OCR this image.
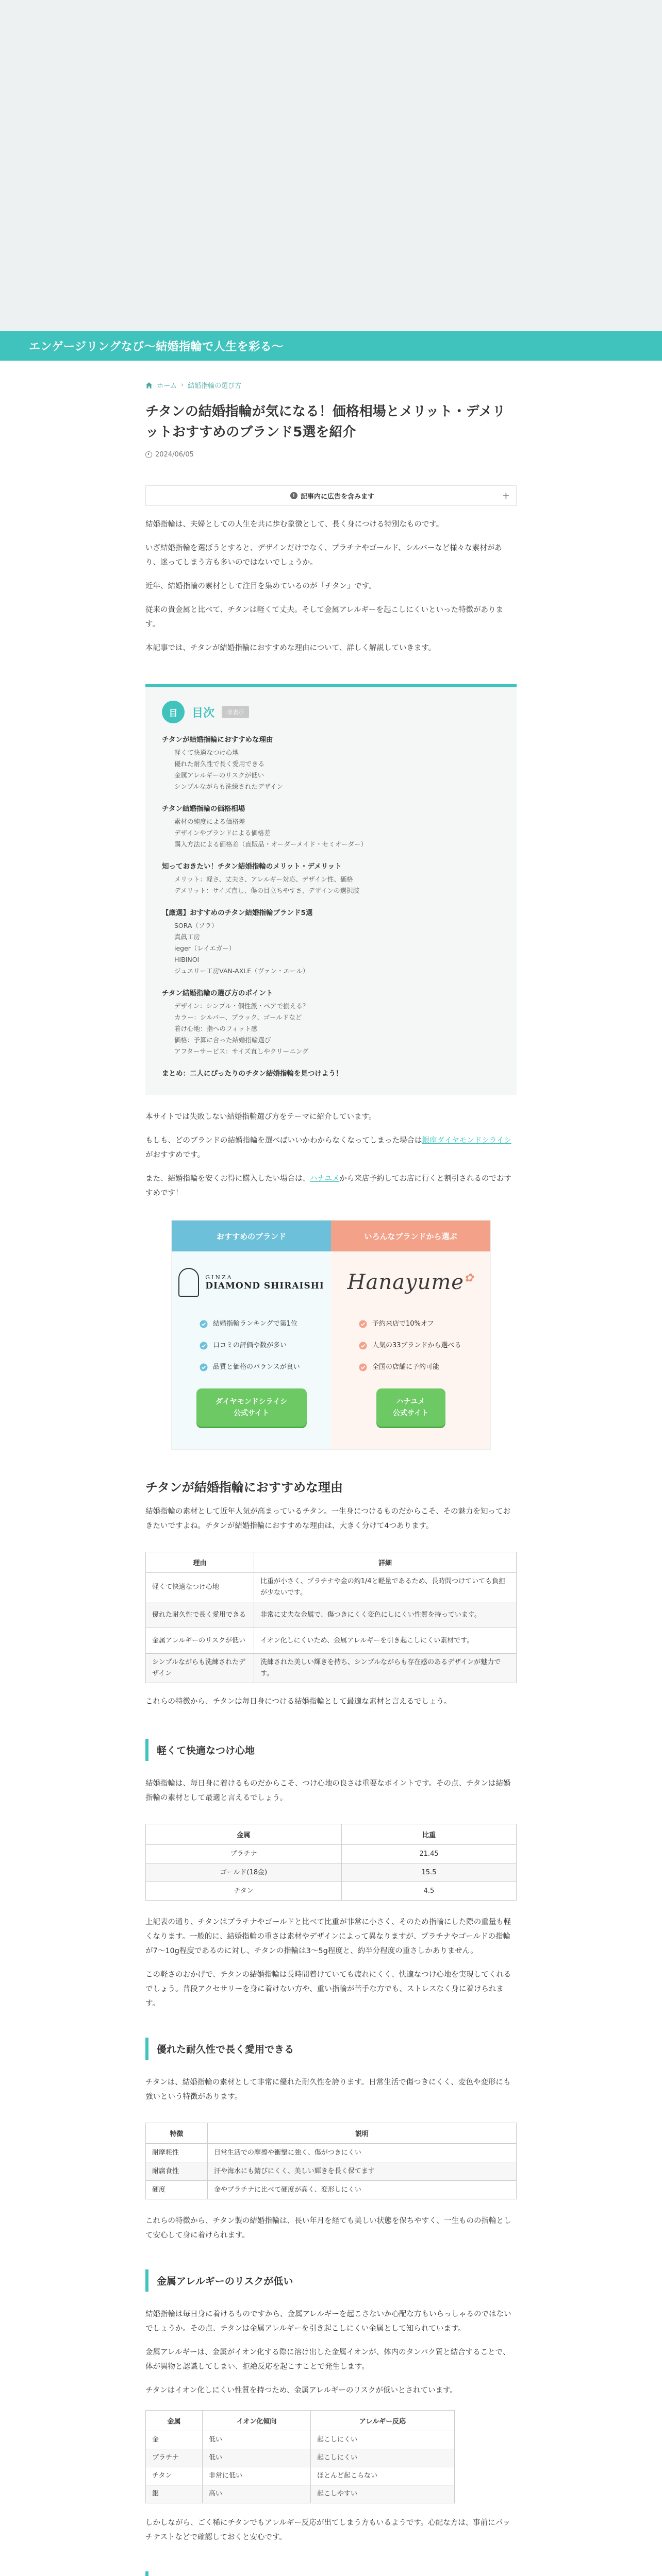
エンゲージリングなび〜結婚指輪で人生を彩る〜
ホーム › 結婚指輪の選び方
チタンの結婚指輪が気になる！価格相場とメリット・デメリットおすすめのブランド5選を紹介
2024/06/05
! 記事内に広告を含みます	+

結婚指輪は、夫婦としての人生を共に歩む象徴として、長く身につける特別なものです。

いざ結婚指輪を選ぼうとすると、デザインだけでなく、プラチナやゴールド、シルバーなど様々な素材があり、迷ってしまう方も多いのではないでしょうか。

近年、結婚指輪の素材として注目を集めているのが「チタン」です。

従来の貴金属と比べて、チタンは軽くて丈夫。そして金属アレルギーを起こしにくいといった特徴があります。

本記事では、チタンが結婚指輪におすすめな理由について、詳しく解説していきます。

目	目次	非表示
チタンが結婚指輪におすすめな理由
軽くて快適なつけ心地
優れた耐久性で長く愛用できる
金属アレルギーのリスクが低い
シンプルながらも洗練されたデザイン
チタン結婚指輪の価格相場
素材の純度による価格差
デザインやブランドによる価格差
購入方法による価格差（直販品・オーダーメイド・セミオーダー）
知っておきたい！チタン結婚指輪のメリット・デメリット
メリット：軽さ、丈夫さ、アレルギー対応、デザイン性、価格
デメリット：サイズ直し、傷の目立ちやすさ、デザインの選択肢
【厳選】おすすめのチタン結婚指輪ブランド5選
SORA（ソラ）
真眞工房
ieger（レイエガー）
HIBINOI
ジュエリー工房VAN-AXLE（ヴァン・エール）
チタン結婚指輪の選び方のポイント
デザイン：シンプル・個性派・ペアで揃える？
カラー：シルバー、ブラック、ゴールドなど
着け心地：指へのフィット感
価格：予算に合った結婚指輪選び
アフターサービス：サイズ直しやクリーニング
まとめ：二人にぴったりのチタン結婚指輪を見つけよう！

本サイトでは失敗しない結婚指輪選び方をテーマに紹介しています。

もしも、どのブランドの結婚指輪を選べばいいかわからなくなってしまった場合は銀座ダイヤモンドシライシがおすすめです。

また、結婚指輪を安くお得に購入したい場合は、ハナユメから来店予約してお店に行くと割引されるのでおすすめです！

おすすめのブランド
GINZA
DIAMOND SHIRAISHI
結婚指輪ランキングで第1位
口コミの評価や数が多い
品質と価格のバランスが良い
ダイヤモンドシライシ
公式サイト
いろんなブランドから選ぶ
Hanayume✿
予約来店で10%オフ
人気の33ブランドから選べる
全国の店舗に予約可能
ハナユメ
公式サイト
チタンが結婚指輪におすすめな理由

結婚指輪の素材として近年人気が高まっているチタン。一生身につけるものだからこそ、その魅力を知っておきたいですよね。チタンが結婚指輪におすすめな理由は、大きく分けて4つあります。

理由	詳細
軽くて快適なつけ心地	比重が小さく、プラチナや金の約1/4と軽量であるため、長時間つけていても負担が少ないです。
優れた耐久性で長く愛用できる	非常に丈夫な金属で、傷つきにくく変色にしにくい性質を持っています。
金属アレルギーのリスクが低い	イオン化しにくいため、金属アレルギーを引き起こしにくい素材です。
シンプルながらも洗練されたデザイン	洗練された美しい輝きを持ち、シンプルながらも存在感のあるデザインが魅力です。

これらの特徴から、チタンは毎日身につける結婚指輪として最適な素材と言えるでしょう。

軽くて快適なつけ心地

結婚指輪は、毎日身に着けるものだからこそ、つけ心地の良さは重要なポイントです。その点、チタンは結婚指輪の素材として最適と言えるでしょう。

金属	比重
プラチナ	21.45
ゴールド(18金)	15.5
チタン	4.5

上記表の通り、チタンはプラチナやゴールドと比べて比重が非常に小さく、そのため指輪にした際の重量も軽くなります。一般的に、結婚指輪の重さは素材やデザインによって異なりますが、プラチナやゴールドの指輪が7〜10g程度であるのに対し、チタンの指輪は3〜5g程度と、約半分程度の重さしかありません。

この軽さのおかげで、チタンの結婚指輪は長時間着けていても疲れにくく、快適なつけ心地を実現してくれるでしょう。普段アクセサリーを身に着けない方や、重い指輪が苦手な方でも、ストレスなく身に着けられます。

優れた耐久性で長く愛用できる

チタンは、結婚指輪の素材として非常に優れた耐久性を誇ります。日常生活で傷つきにくく、変色や変形にも強いという特徴があります。

特徴	説明
耐摩耗性	日常生活での摩擦や衝撃に強く、傷がつきにくい
耐腐食性	汗や海水にも錆びにくく、美しい輝きを長く保てます
硬度	金やプラチナに比べて硬度が高く、変形しにくい

これらの特徴から、チタン製の結婚指輪は、長い年月を経ても美しい状態を保ちやすく、一生ものの指輪として安心して身に着けられます。

金属アレルギーのリスクが低い

結婚指輪は毎日身に着けるものですから、金属アレルギーを起こさないか心配な方もいらっしゃるのではないでしょうか。その点、チタンは金属アレルギーを引き起こしにくい金属として知られています。

金属アレルギーは、金属がイオン化する際に溶け出した金属イオンが、体内のタンパク質と結合することで、体が異物と認識してしまい、拒絶反応を起こすことで発生します。

チタンはイオン化しにくい性質を持つため、金属アレルギーのリスクが低いとされています。

金属	イオン化傾向	アレルギー反応
金	低い	起こしにくい
プラチナ	低い	起こしにくい
チタン	非常に低い	ほとんど起こらない
銀	高い	起こしやすい

しかしながら、ごく稀にチタンでもアレルギー反応が出てしまう方もいるようです。心配な方は、事前にパッチテストなどで確認しておくと安心です。
